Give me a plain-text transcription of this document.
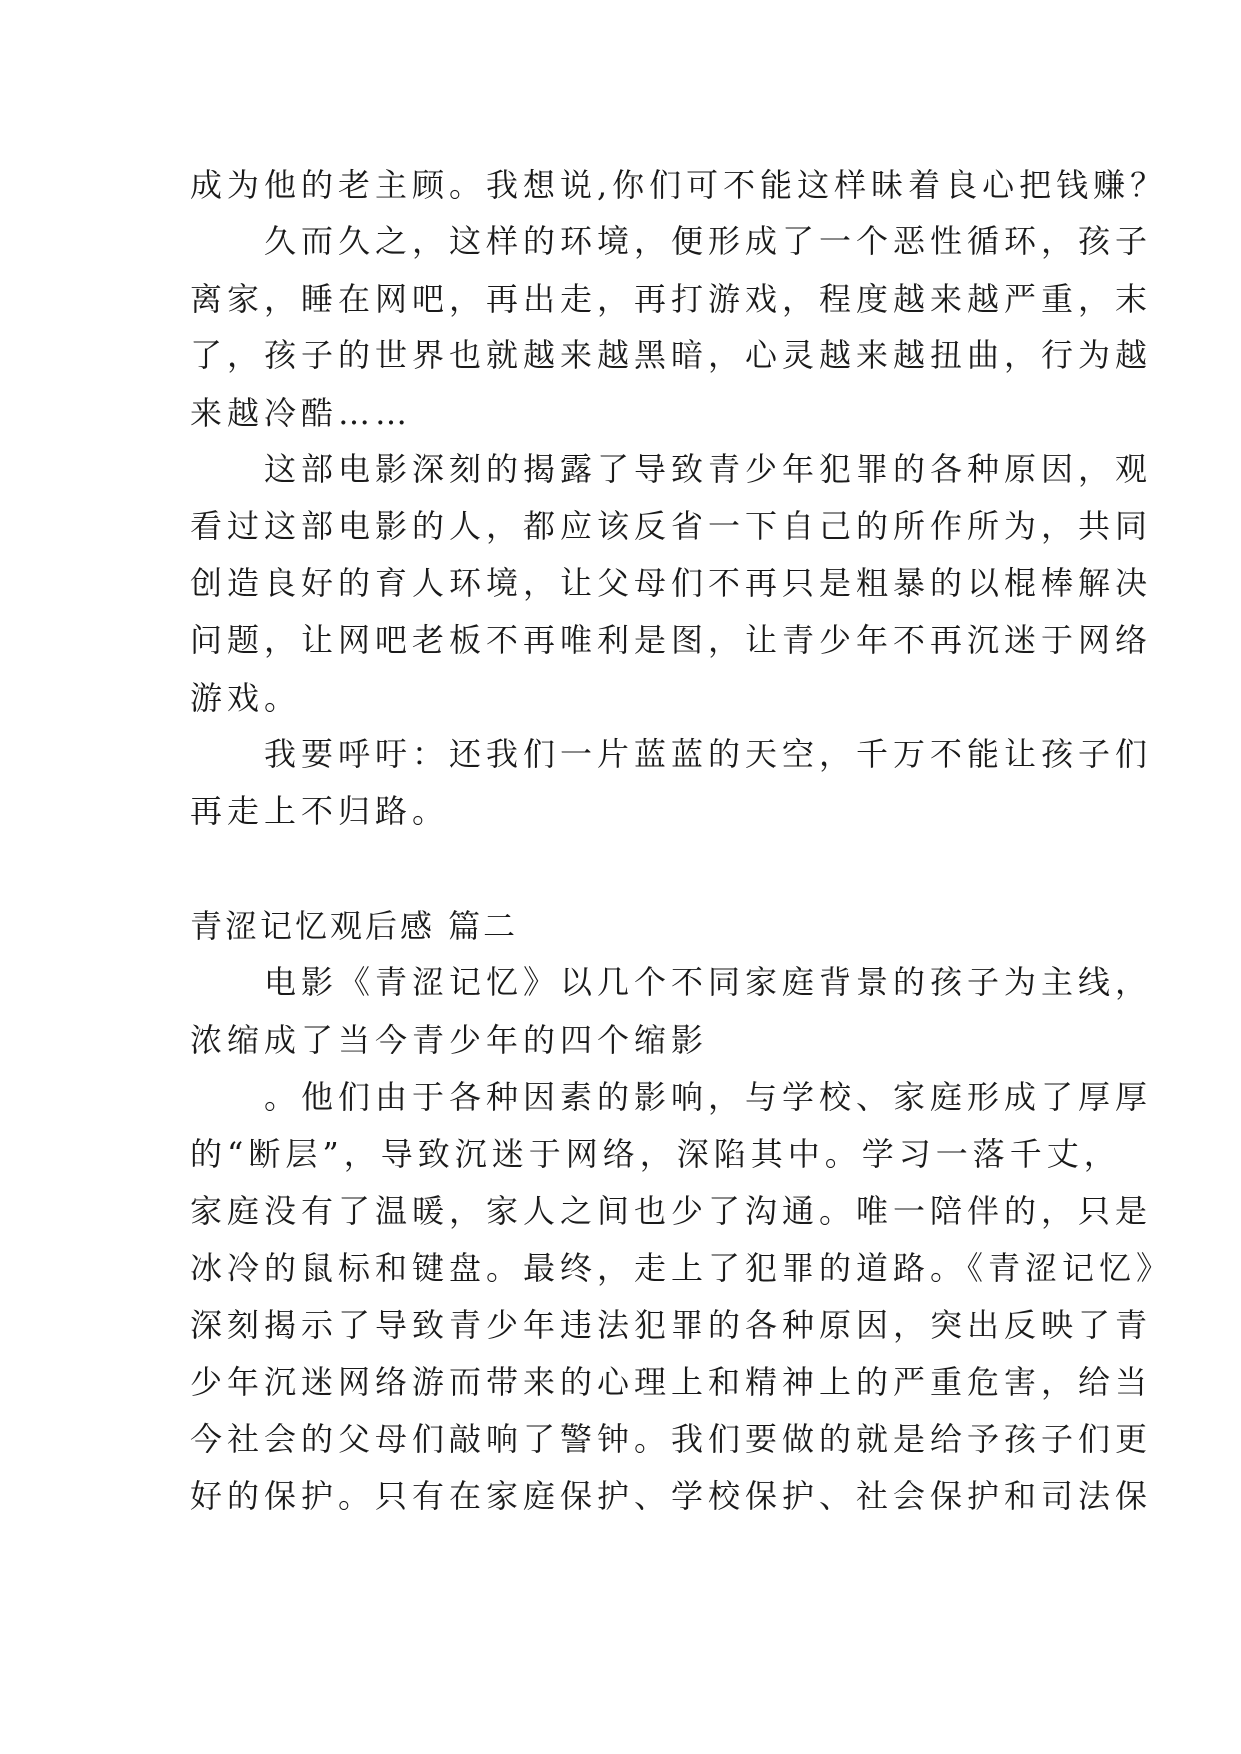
成为他的老主顾。我想说,你们可不能这样昧着良心把钱赚？
　　久而久之，这样的环境，便形成了一个恶性循环，孩子
离家，睡在网吧，再出走，再打游戏，程度越来越严重，末
了，孩子的世界也就越来越黑暗，心灵越来越扭曲，行为越
来越冷酷……
　　这部电影深刻的揭露了导致青少年犯罪的各种原因，观
看过这部电影的人，都应该反省一下自己的所作所为，共同
创造良好的育人环境，让父母们不再只是粗暴的以棍棒解决
问题，让网吧老板不再唯利是图，让青少年不再沉迷于网络
游戏。
　　我要呼吁：还我们一片蓝蓝的天空，千万不能让孩子们
再走上不归路。
青涩记忆观后感 篇二
　　电影《青涩记忆》以几个不同家庭背景的孩子为主线，
浓缩成了当今青少年的四个缩影
　　。他们由于各种因素的影响，与学校、家庭形成了厚厚
的“断层”，导致沉迷于网络，深陷其中。学习一落千丈，
家庭没有了温暖，家人之间也少了沟通。唯一陪伴的，只是
冰冷的鼠标和键盘。最终，走上了犯罪的道路。《青涩记忆》
深刻揭示了导致青少年违法犯罪的各种原因，突出反映了青
少年沉迷网络游而带来的心理上和精神上的严重危害，给当
今社会的父母们敲响了警钟。我们要做的就是给予孩子们更
好的保护。只有在家庭保护、学校保护、社会保护和司法保
